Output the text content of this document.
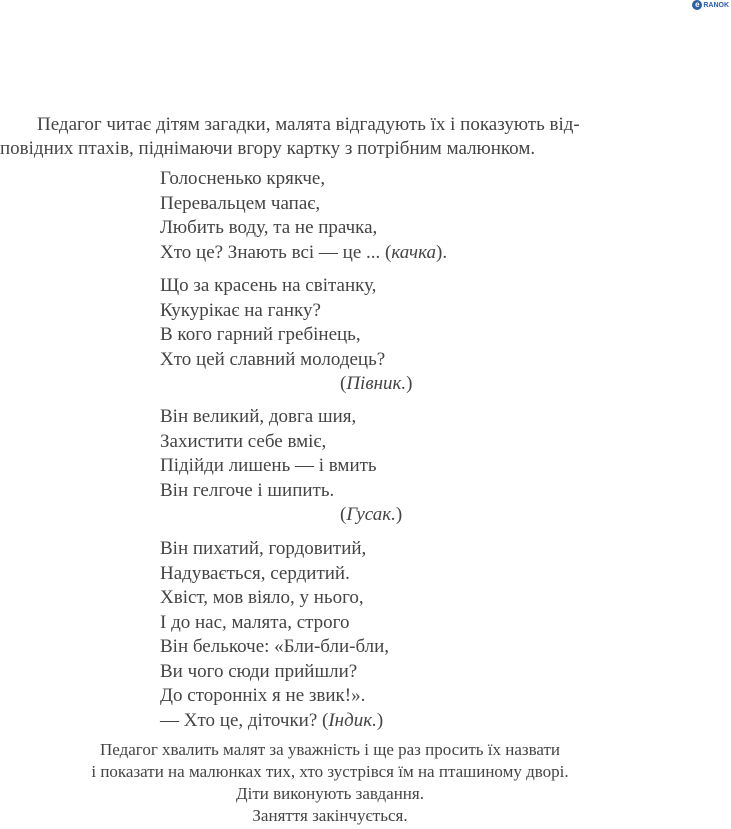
e RANOK

Педагог читає дітям загадки, малята відгадують їх і показують від-

повідних птахів, піднімаючи вгору картку з потрібним малюнком.

Голосненько крякче,
Перевальцем чапає,
Любить воду, та не прачка,
Хто це? Знають всі — це ... (качка).
Що за красень на світанку,
Кукурікає на ганку?
В кого гарний гребінець,
Хто цей славний молодець?
(Півник.)
Він великий, довга шия,
Захистити себе вміє,
Підійди лишень — і вмить
Він гелгоче і шипить.
(Гусак.)
Він пихатий, гордовитий,
Надувається, сердитий.
Хвіст, мов віяло, у нього,
І до нас, малята, строго
Він белькоче: «Бли-бли-бли,
Ви чого сюди прийшли?
До сторонніх я не звик!».
— Хто це, діточки? (Індик.)
Педагог хвалить малят за уважність і ще раз просить їх назвати
і показати на малюнках тих, хто зустрівся їм на пташиному дворі.
Діти виконують завдання.
Заняття закінчується.
